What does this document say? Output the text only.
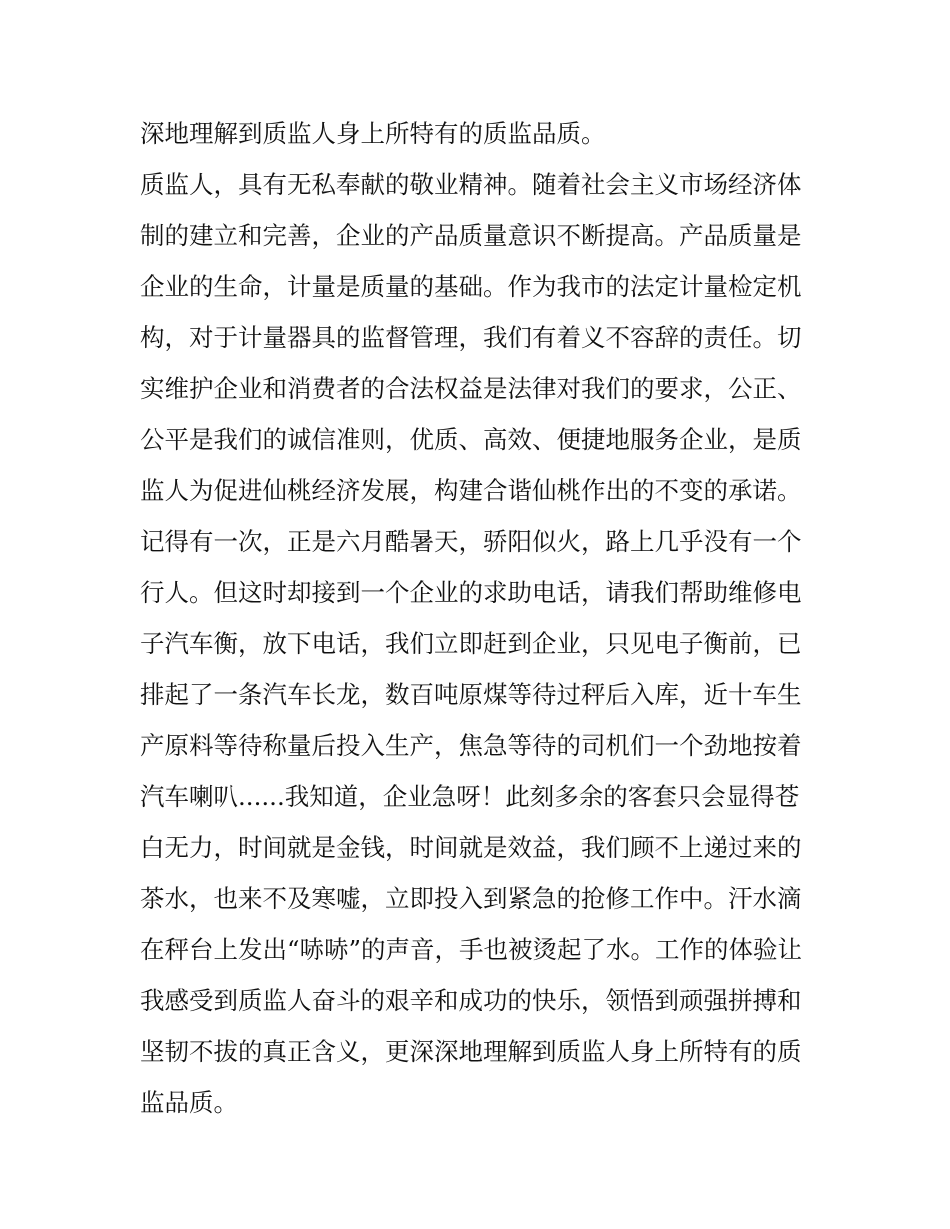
深地理解到质监人身上所特有的质监品质。
质监人，具有无私奉献的敬业精神。随着社会主义市场经济体
制的建立和完善，企业的产品质量意识不断提高。产品质量是
企业的生命，计量是质量的基础。作为我市的法定计量检定机
构，对于计量器具的监督管理，我们有着义不容辞的责任。切
实维护企业和消费者的合法权益是法律对我们的要求，公正、
公平是我们的诚信准则，优质、高效、便捷地服务企业，是质
监人为促进仙桃经济发展，构建合谐仙桃作出的不变的承诺。
记得有一次，正是六月酷暑天，骄阳似火，路上几乎没有一个
行人。但这时却接到一个企业的求助电话，请我们帮助维修电
子汽车衡，放下电话，我们立即赶到企业，只见电子衡前，已
排起了一条汽车长龙，数百吨原煤等待过秤后入库，近十车生
产原料等待称量后投入生产，焦急等待的司机们一个劲地按着
汽车喇叭......我知道，企业急呀！此刻多余的客套只会显得苍
白无力，时间就是金钱，时间就是效益，我们顾不上递过来的
茶水，也来不及寒嘘，立即投入到紧急的抢修工作中。汗水滴
在秤台上发出“哧哧”的声音，手也被烫起了水。工作的体验让
我感受到质监人奋斗的艰辛和成功的快乐，领悟到顽强拼搏和
坚韧不拔的真正含义，更深深地理解到质监人身上所特有的质
监品质。
